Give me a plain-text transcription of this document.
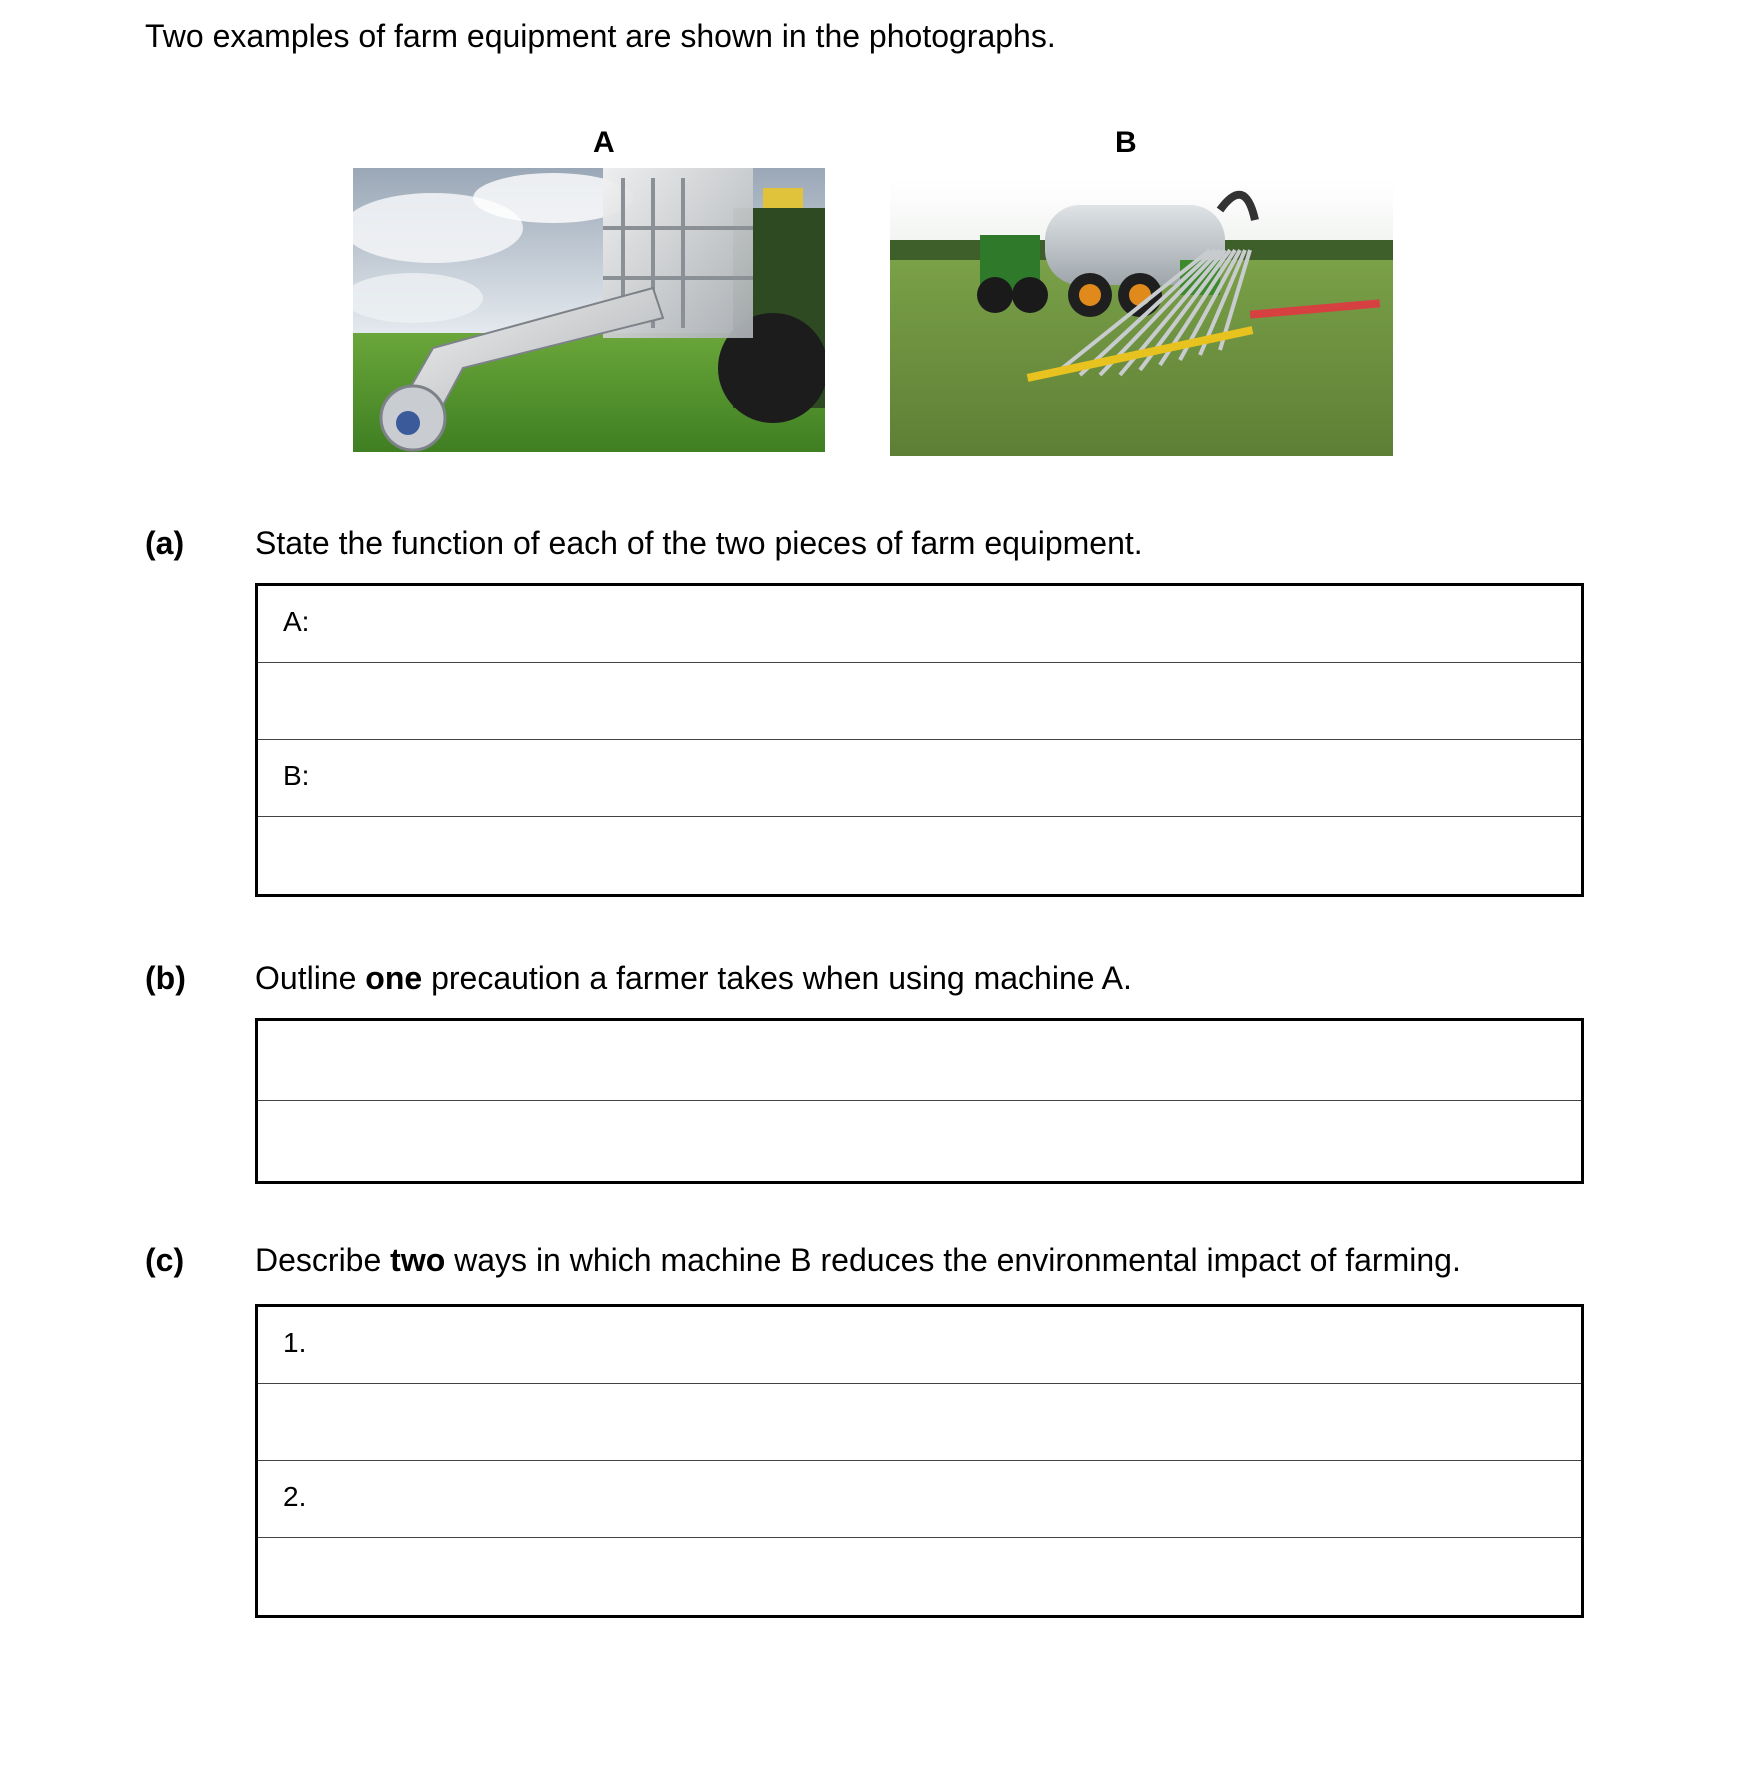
Two examples of farm equipment are shown in the photographs.
A	B
(a) State the function of each of the two pieces of farm equipment.
A:
B:
(b) Outline one precaution a farmer takes when using machine A.
(c) Describe two ways in which machine B reduces the environmental impact of farming.
1.
2.
